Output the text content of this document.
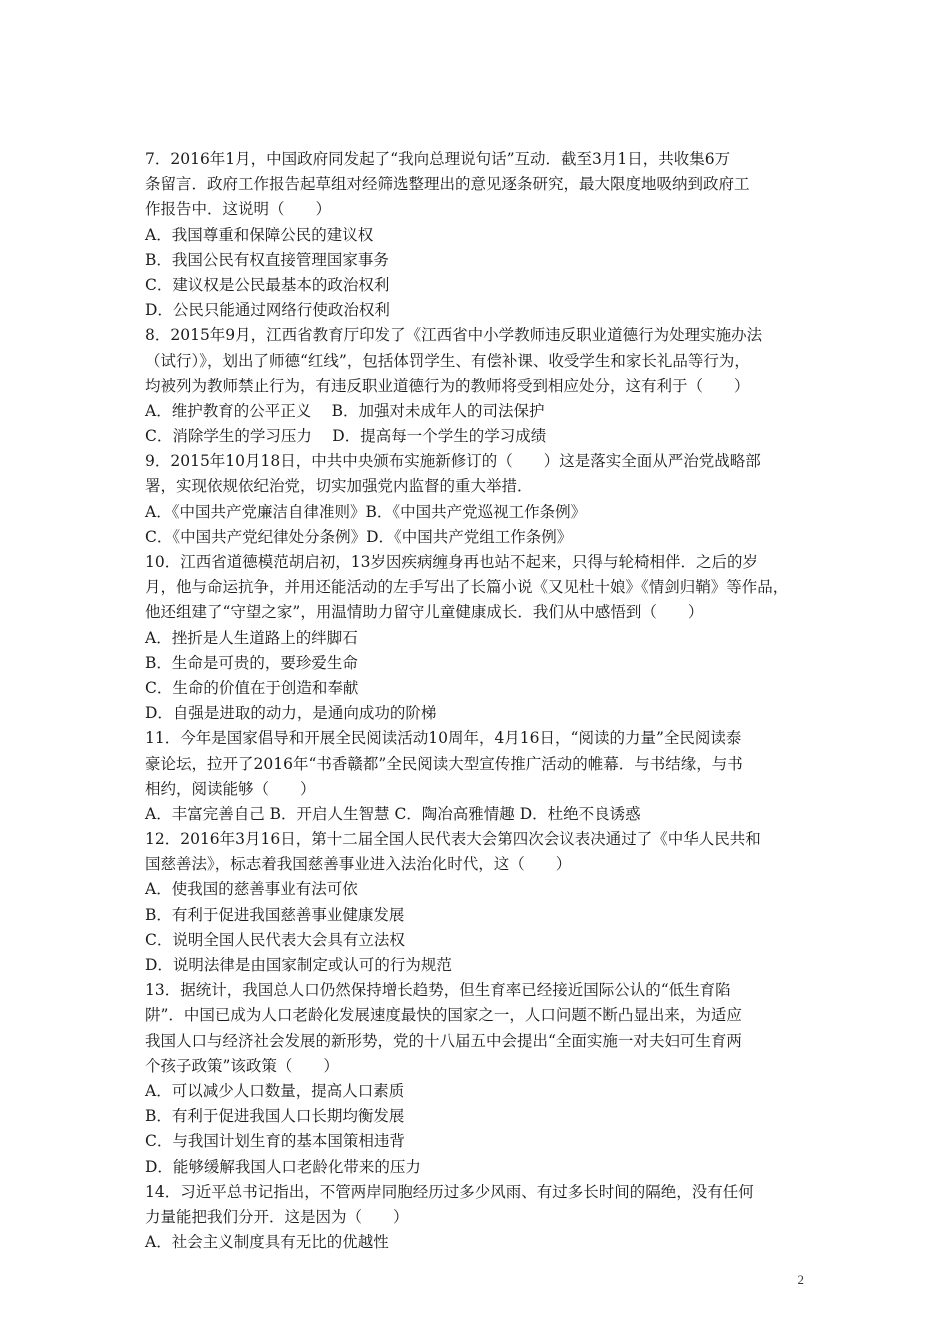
7．2016年1月，中国政府同发起了“我向总理说句话”互动．截至3月1日，共收集6万
条留言．政府工作报告起草组对经筛选整理出的意见逐条研究，最大限度地吸纳到政府工
作报告中．这说明（　　）
A．我国尊重和保障公民的建议权
B．我国公民有权直接管理国家事务
C．建议权是公民最基本的政治权利
D．公民只能通过网络行使政治权利
8．2015年9月，江西省教育厅印发了《江西省中小学教师违反职业道德行为处理实施办法
（试行）》，划出了师德“红线”，包括体罚学生、有偿补课、收受学生和家长礼品等行为，
均被列为教师禁止行为，有违反职业道德行为的教师将受到相应处分，这有利于（　　）
A．维护教育的公平正义　 B．加强对未成年人的司法保护
C．消除学生的学习压力　 D．提高每一个学生的学习成绩
9．2015年10月18日，中共中央颁布实施新修订的（　　）这是落实全面从严治党战略部
署，实现依规依纪治党，切实加强党内监督的重大举措．
A．《中国共产党廉洁自律准则》B．《中国共产党巡视工作条例》
C．《中国共产党纪律处分条例》D．《中国共产党组工作条例》
10．江西省道德模范胡启初，13岁因疾病缠身再也站不起来，只得与轮椅相伴．之后的岁
月，他与命运抗争，并用还能活动的左手写出了长篇小说《又见杜十娘》《情剑归鞘》等作品，
他还组建了“守望之家”，用温情助力留守儿童健康成长．我们从中感悟到（　　）
A．挫折是人生道路上的绊脚石
B．生命是可贵的，要珍爱生命
C．生命的价值在于创造和奉献
D．自强是进取的动力，是通向成功的阶梯
11．今年是国家倡导和开展全民阅读活动10周年，4月16日，“阅读的力量”全民阅读泰
豪论坛，拉开了2016年“书香赣都”全民阅读大型宣传推广活动的帷幕．与书结缘，与书
相约，阅读能够（　　）
A．丰富完善自己 B．开启人生智慧 C．陶冶高雅情趣 D．杜绝不良诱惑
12．2016年3月16日，第十二届全国人民代表大会第四次会议表决通过了《中华人民共和
国慈善法》，标志着我国慈善事业进入法治化时代，这（　　）
A．使我国的慈善事业有法可依
B．有利于促进我国慈善事业健康发展
C．说明全国人民代表大会具有立法权
D．说明法律是由国家制定或认可的行为规范
13．据统计，我国总人口仍然保持增长趋势，但生育率已经接近国际公认的“低生育陷
阱”．中国已成为人口老龄化发展速度最快的国家之一，人口问题不断凸显出来，为适应
我国人口与经济社会发展的新形势，党的十八届五中会提出“全面实施一对夫妇可生育两
个孩子政策”该政策（　　）
A．可以减少人口数量，提高人口素质
B．有利于促进我国人口长期均衡发展
C．与我国计划生育的基本国策相违背
D．能够缓解我国人口老龄化带来的压力
14．习近平总书记指出，不管两岸同胞经历过多少风雨、有过多长时间的隔绝，没有任何
力量能把我们分开．这是因为（　　）
A．社会主义制度具有无比的优越性
2
